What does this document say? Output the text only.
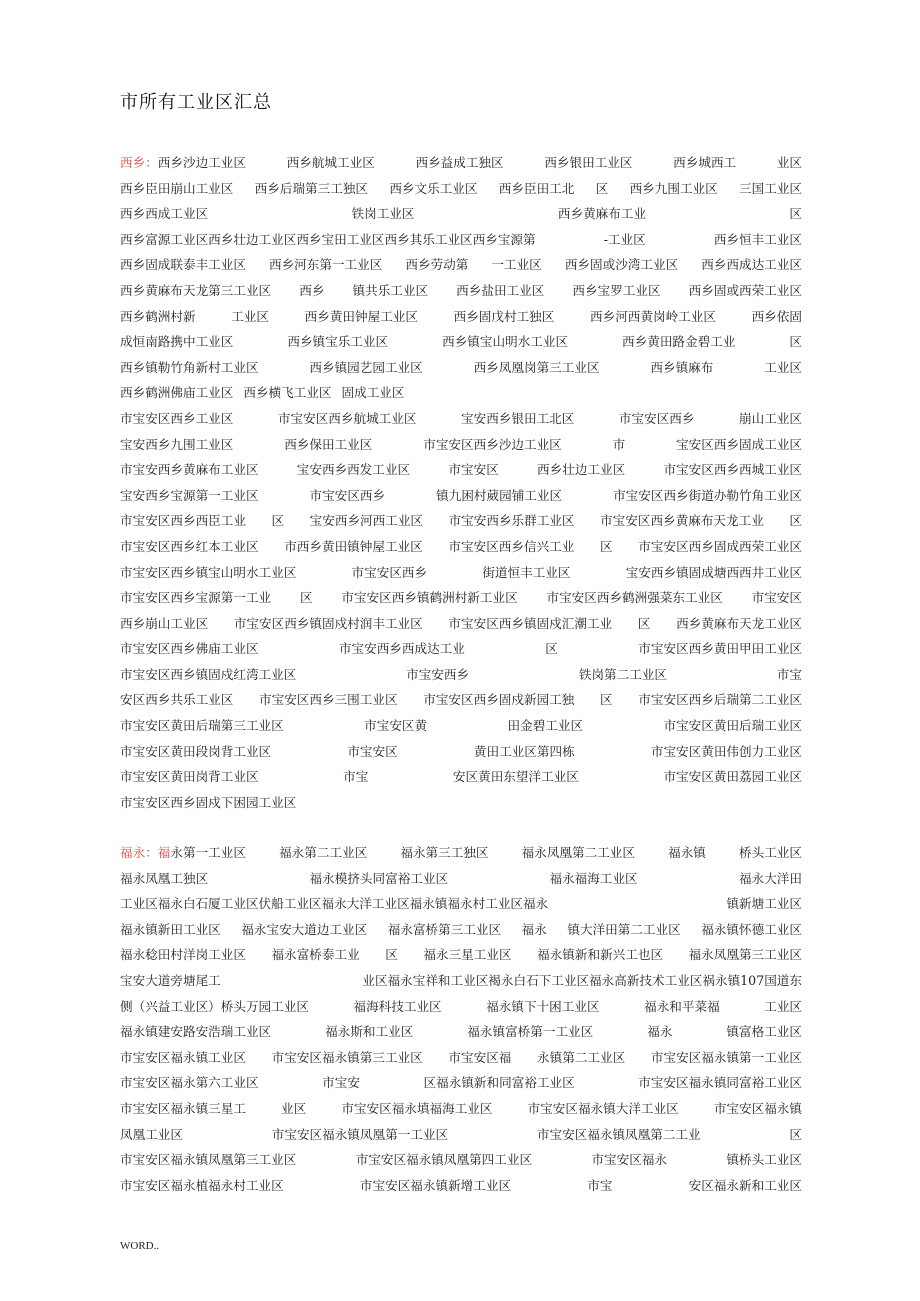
市所有工业区汇总
西乡：西乡沙边工业区	西乡航城工业区	西乡益成工独区	西乡银田工业区	西乡城西工	业区
西乡臣田崩山工业区 西乡后瑞第三工独区 西乡文乐工业区 西乡臣田工北 区 西乡九围工业区 三国工业区
西乡西成工业区	铁岗工业区	西乡黄麻布工业	区
西乡富源工业区西乡壮边工业区西乡宝田工业区西乡其乐工业区西乡宝源第	-工业区	西乡恒丰工业区
西乡固成联泰丰工业区 西乡河东第一工业区 西乡劳动第 一工业区 西乡固或沙湾工业区 西乡西成达工业区
西乡黄麻布天龙第三工业区 西乡 镇共乐工业区 西乡盐田工业区 西乡宝罗工业区 西乡固或西荣工业区
西乡鹤洲村新	工业区	西乡黄田钟屋工业区	西乡固戊村工独区	西乡河西黄岗岭工业区	西乡依固
成恒南路携中工业区	西乡镇宝乐工业区	西乡镇宝山明水工业区	西乡黄田路金碧工业	区
西乡镇勒竹角新村工业区	西乡镇园艺园工业区	西乡凤凰岗第三工业区	西乡镇麻布	工业区
西乡鹤洲佛庙工业区 西乡横飞工业区 固成工业区
市宝安区西乡工业区	市宝安区西乡航城工业区	宝安西乡银田工北区	市宝安区西乡	崩山工业区
宝安西乡九围工业区	西乡保田工业区	市宝安区西乡沙边工业区	市	宝安区西乡固成工业区
市宝安西乡黄麻布工业区	宝安西乡西发工业区	市宝安区	西乡壮边工业区	市宝安区西乡西城工业区
宝安西乡宝源第一工业区	市宝安区西乡	镇九困村葳园铺工业区	市宝安区西乡街道办勒竹角工业区
市宝安区西乡西臣工业 区 宝安西乡河西工业区 市宝安西乡乐群工业区 市宝安区西乡黄麻布天龙工业 区
市宝安区西乡红本工业区 市西乡黄田镇钟屋工业区 市宝安区西乡信兴工业 区 市宝安区西乡固成西荣工业区
市宝安区西乡镇宝山明水工业区	市宝安区西乡	街道恒丰工业区	宝安西乡镇固成塘西西井工业区
市宝安区西乡宝源第一工业 区 市宝安区西乡镇鹤洲村新工业区 市宝安区西乡鹤洲强菜东工业区 市宝安区
西乡崩山工业区 市宝安区西乡镇固戍村润丰工业区 市宝安区西乡镇固戍汇潮工业 区 西乡黄麻布天龙工业区
市宝安区西乡佛庙工业区	市宝安西乡西成达工业	区	市宝安区西乡黄田甲田工业区
市宝安区西乡镇固戍红湾工业区	市宝安西乡	铁岗第二工业区	市宝
安区西乡共乐工业区 市宝安区西乡三围工业区 市宝安区西乡固戍新园工独 区 市宝安区西乡后瑞第二工业区
市宝安区黄田后瑞第三工业区	市宝安区黄	田金碧工业区	市宝安区黄田后瑞工业区
市宝安区黄田段岗背工业区	市宝安区	黄田工业区第四栋	市宝安区黄田伟创力工业区
市宝安区黄田岗背工业区	市宝	安区黄田东望洋工业区	市宝安区黄田荔园工业区
市宝安区西乡固戍下困园工业区
福永：福永第一工业区	福永第二工业区	福永第三工独区	福永凤凰第二工业区	福永镇	桥头工业区
福永凤凰工独区	福永模挤头同富裕工业区	福永福海工业区	福永大洋田
工业区福永白石厦工业区伏船工业区福永大洋工业区福永镇福永村工业区福永	镇新塘工业区
福永镇新田工业区 福永宝安大道边工业区 福永富桥第三工业区 福永 镇大洋田第二工业区 福永镇怀德工业区
福永稔田村洋岗工业区 福永富桥泰工业 区 福永三星工业区 福永镇新和新兴工也区 福永凤凰第三工业区
宝安大道旁塘尾工	业区福永宝祥和工业区褐永白石下工业区福永高新技术工业区祸永镇107国道东
侧（兴益工业区）桥头万园工业区	福海科技工业区	福永镇下十困工业区	福永和平菜福	工业区
福永镇建安路安浩瑞工业区	福永斯和工业区	福永镇富桥第一工业区	福永	镇富格工业区
市宝安区福永镇工业区 市宝安区福永镇第三工业区 市宝安区福 永镇第二工业区 市宝安区福永镇第一工业区
市宝安区福永第六工业区	市宝安	区福永镇新和同富裕工业区	市宝安区福永镇同富裕工业区
市宝安区福永镇三星工	业区	市宝安区福永填福海工业区	市宝安区福永镇大洋工业区	市宝安区福永镇
凤凰工业区	市宝安区福永镇凤凰第一工业区	市宝安区福永镇凤凰第二工业	区
市宝安区福永镇凤凰第三工业区	市宝安区福永镇凤凰第四工业区	市宝安区福永	镇桥头工业区
市宝安区福永植福永村工业区	市宝安区福永镇新增工业区	市宝	安区福永新和工业区
WORD..
